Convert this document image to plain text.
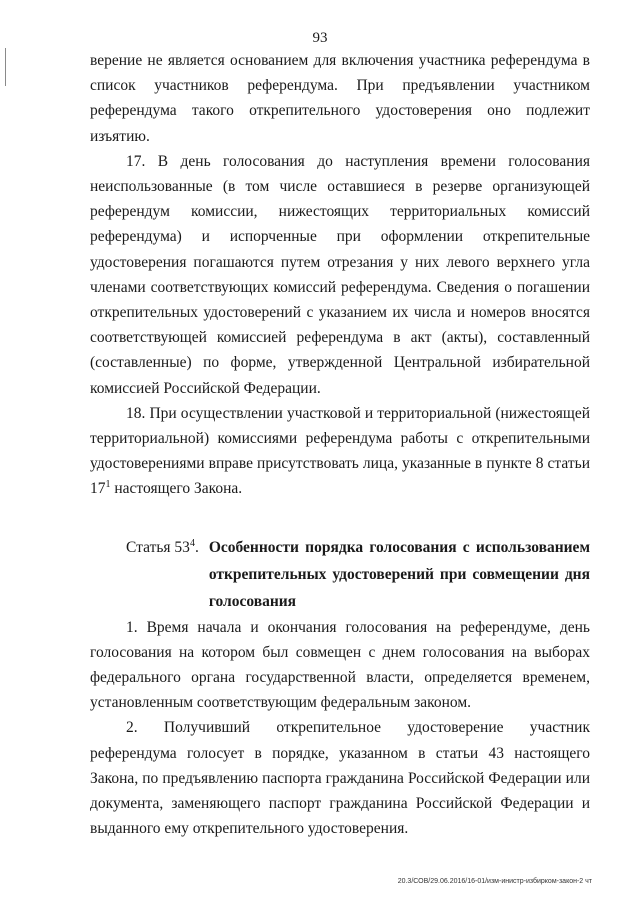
93

верение не является основанием для включения участника референдума в список участников референдума. При предъявлении участником референдума такого открепительного удостоверения оно подлежит изъятию.

17. В день голосования до наступления времени голосования неиспользованные (в том числе оставшиеся в резерве организующей референдум комиссии, нижестоящих территориальных комиссий референдума) и испорченные при оформлении открепительные удостоверения погашаются путем отрезания у них левого верхнего угла членами соответствующих комиссий референдума. Сведения о погашении открепительных удостоверений с указанием их числа и номеров вносятся соответствующей комиссией референдума в акт (акты), составленный (составленные) по форме, утвержденной Центральной избирательной комиссией Российской Федерации.

18. При осуществлении участковой и территориальной (нижестоящей территориальной) комиссиями референдума работы с открепительными удостоверениями вправе присутствовать лица, указанные в пункте 8 статьи $17^1$ настоящего Закона.

Статья $53^4$. Особенности порядка голосования с использованием открепительных удостоверений при совмещении дня голосования

1. Время начала и окончания голосования на референдуме, день голосования на котором был совмещен с днем голосования на выборах федерального органа государственной власти, определяется временем, установленным соответствующим федеральным законом.

2. Получивший открепительное удостоверение участник референдума голосует в порядке, указанном в статьи 43 настоящего Закона, по предъявлению паспорта гражданина Российской Федерации или документа, заменяющего паспорт гражданина Российской Федерации и выданного ему открепительного удостоверения.

20.3/СОВ/29.06.2016/16-01/изм-инистр-избирком-закон-2 чт
